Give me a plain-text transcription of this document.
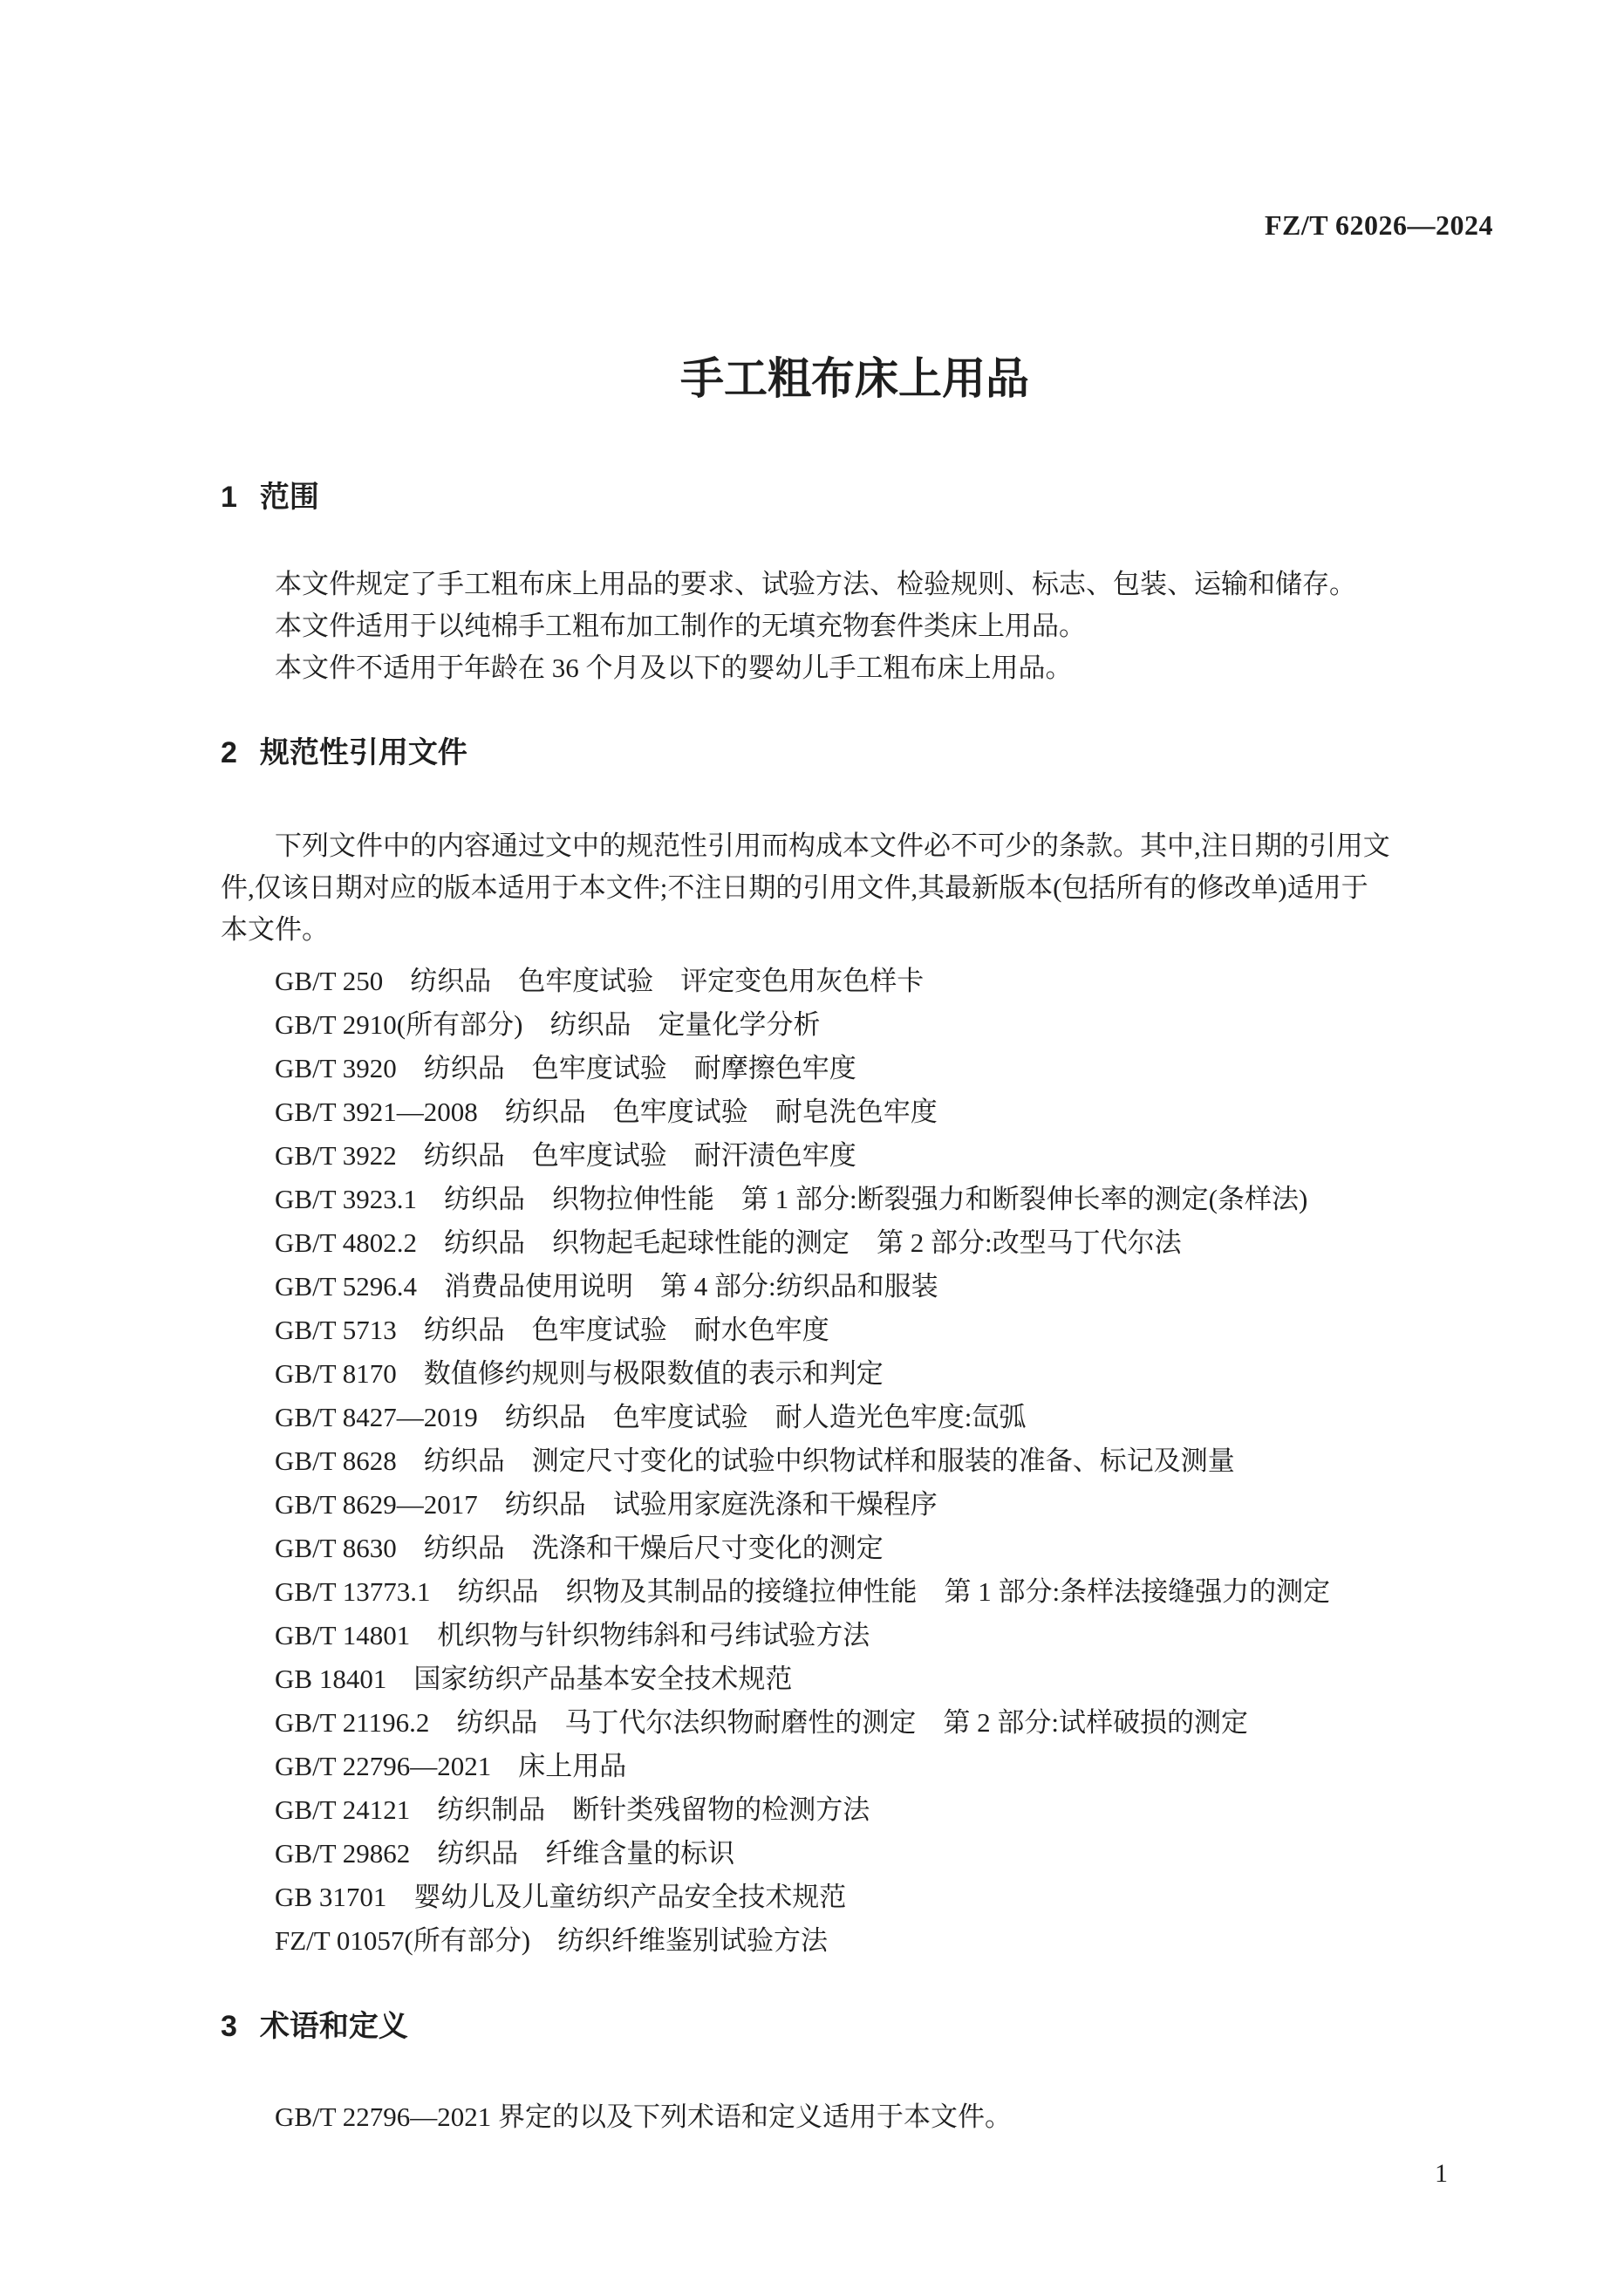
FZ/T 62026—2024
手工粗布床上用品
1 范围
本文件规定了手工粗布床上用品的要求、试验方法、检验规则、标志、包装、运输和储存。
本文件适用于以纯棉手工粗布加工制作的无填充物套件类床上用品。
本文件不适用于年龄在 36 个月及以下的婴幼儿手工粗布床上用品。
2 规范性引用文件
下列文件中的内容通过文中的规范性引用而构成本文件必不可少的条款。其中,注日期的引用文
件,仅该日期对应的版本适用于本文件;不注日期的引用文件,其最新版本(包括所有的修改单)适用于
本文件。
GB/T 250　纺织品　色牢度试验　评定变色用灰色样卡
GB/T 2910(所有部分)　纺织品　定量化学分析
GB/T 3920　纺织品　色牢度试验　耐摩擦色牢度
GB/T 3921—2008　纺织品　色牢度试验　耐皂洗色牢度
GB/T 3922　纺织品　色牢度试验　耐汗渍色牢度
GB/T 3923.1　纺织品　织物拉伸性能　第 1 部分:断裂强力和断裂伸长率的测定(条样法)
GB/T 4802.2　纺织品　织物起毛起球性能的测定　第 2 部分:改型马丁代尔法
GB/T 5296.4　消费品使用说明　第 4 部分:纺织品和服装
GB/T 5713　纺织品　色牢度试验　耐水色牢度
GB/T 8170　数值修约规则与极限数值的表示和判定
GB/T 8427—2019　纺织品　色牢度试验　耐人造光色牢度:氙弧
GB/T 8628　纺织品　测定尺寸变化的试验中织物试样和服装的准备、标记及测量
GB/T 8629—2017　纺织品　试验用家庭洗涤和干燥程序
GB/T 8630　纺织品　洗涤和干燥后尺寸变化的测定
GB/T 13773.1　纺织品　织物及其制品的接缝拉伸性能　第 1 部分:条样法接缝强力的测定
GB/T 14801　机织物与针织物纬斜和弓纬试验方法
GB 18401　国家纺织产品基本安全技术规范
GB/T 21196.2　纺织品　马丁代尔法织物耐磨性的测定　第 2 部分:试样破损的测定
GB/T 22796—2021　床上用品
GB/T 24121　纺织制品　断针类残留物的检测方法
GB/T 29862　纺织品　纤维含量的标识
GB 31701　婴幼儿及儿童纺织产品安全技术规范
FZ/T 01057(所有部分)　纺织纤维鉴别试验方法
3 术语和定义
GB/T 22796—2021 界定的以及下列术语和定义适用于本文件。
1
